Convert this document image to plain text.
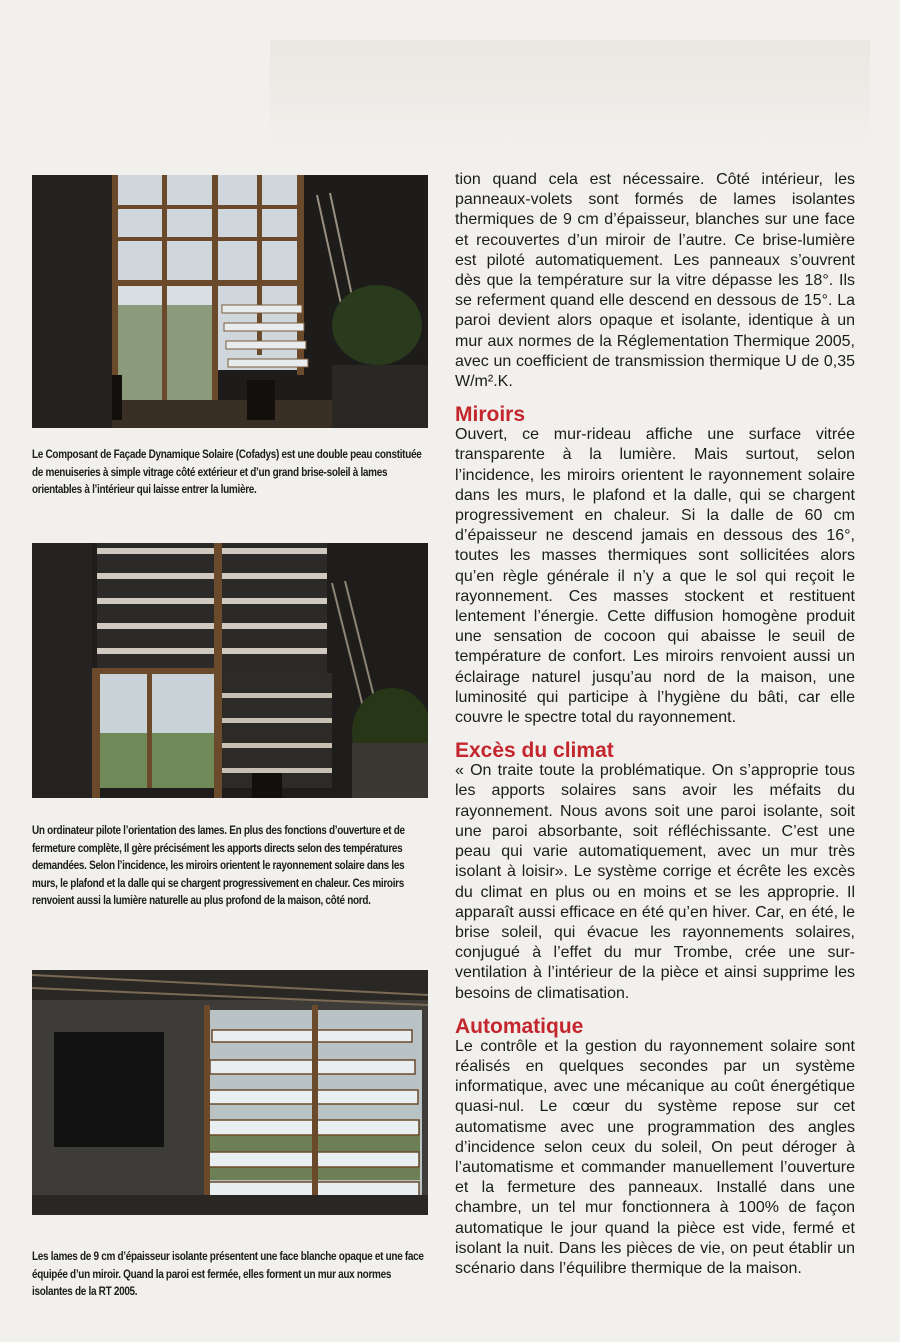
Le Composant de Façade Dynamique Solaire (Cofadys) est une double peau constituée de menuiseries à simple vitrage côté extérieur et d’un grand brise-soleil à lames orientables à l’intérieur qui laisse entrer la lumière.
Un ordinateur pilote l’orientation des lames. En plus des fonctions d’ouverture et de fermeture complète, Il gère précisément les apports directs selon des températures demandées. Selon l’incidence, les miroirs orientent le rayonnement solaire dans les murs, le plafond et la dalle qui se chargent progressivement en chaleur. Ces miroirs renvoient aussi la lumière naturelle au plus profond de la maison, côté nord.
Les lames de 9 cm d’épaisseur isolante présentent une face blanche opaque et une face équipée d’un miroir. Quand la paroi est fermée, elles forment un mur aux normes isolantes de la RT 2005.

tion quand cela est nécessaire. Côté intérieur, les panneaux-volets sont formés de lames isolantes thermiques de 9 cm d’épaisseur, blanches sur une face et recouvertes d’un miroir de l’autre. Ce brise-lumière est piloté automatiquement. Les panneaux s’ouvrent dès que la température sur la vitre dépasse les 18°. Ils se referment quand elle descend en dessous de 15°. La paroi devient alors opaque et isolante, identique à un mur aux normes de la Réglementation Thermique 2005, avec un coefficient de transmission thermique U de 0,35 W/m².K.

Miroirs

Ouvert, ce mur-rideau affiche une surface vitrée transparente à la lumière. Mais surtout, selon l’incidence, les miroirs orientent le rayonnement solaire dans les murs, le plafond et la dalle, qui se chargent progressivement en chaleur. Si la dalle de 60 cm d’épaisseur ne descend jamais en dessous des 16°, toutes les masses thermiques sont sollicitées alors qu’en règle générale il n’y a que le sol qui reçoit le rayonnement. Ces masses stockent et restituent lentement l’énergie. Cette diffusion homogène produit une sensation de cocoon qui abaisse le seuil de température de confort. Les miroirs renvoient aussi un éclairage naturel jusqu’au nord de la maison, une luminosité qui participe à l’hygiène du bâti, car elle couvre le spectre total du rayonnement.

Excès du climat

« On traite toute la problématique. On s’approprie tous les apports solaires sans avoir les méfaits du rayonnement. Nous avons soit une paroi isolante, soit une paroi absorbante, soit réfléchissante. C’est une peau qui varie automatiquement, avec un mur très isolant à loisir». Le système corrige et écrête les excès du climat en plus ou en moins et se les approprie. Il apparaît aussi efficace en été qu’en hiver. Car, en été, le brise soleil, qui évacue les rayonnements solaires, conjugué à l’effet du mur Trombe, crée une sur-ventilation à l’intérieur de la pièce et ainsi supprime les besoins de climatisation.

Automatique

Le contrôle et la gestion du rayonnement solaire sont réalisés en quelques secondes par un système informatique, avec une mécanique au coût énergétique quasi-nul. Le cœur du système repose sur cet automatisme avec une programmation des angles d’incidence selon ceux du soleil, On peut déroger à l’automatisme et commander manuellement l’ouverture et la fermeture des panneaux. Installé dans une chambre, un tel mur fonctionnera à 100% de façon automatique le jour quand la pièce est vide, fermé et isolant la nuit. Dans les pièces de vie, on peut établir un scénario dans l’équilibre thermique de la maison.
